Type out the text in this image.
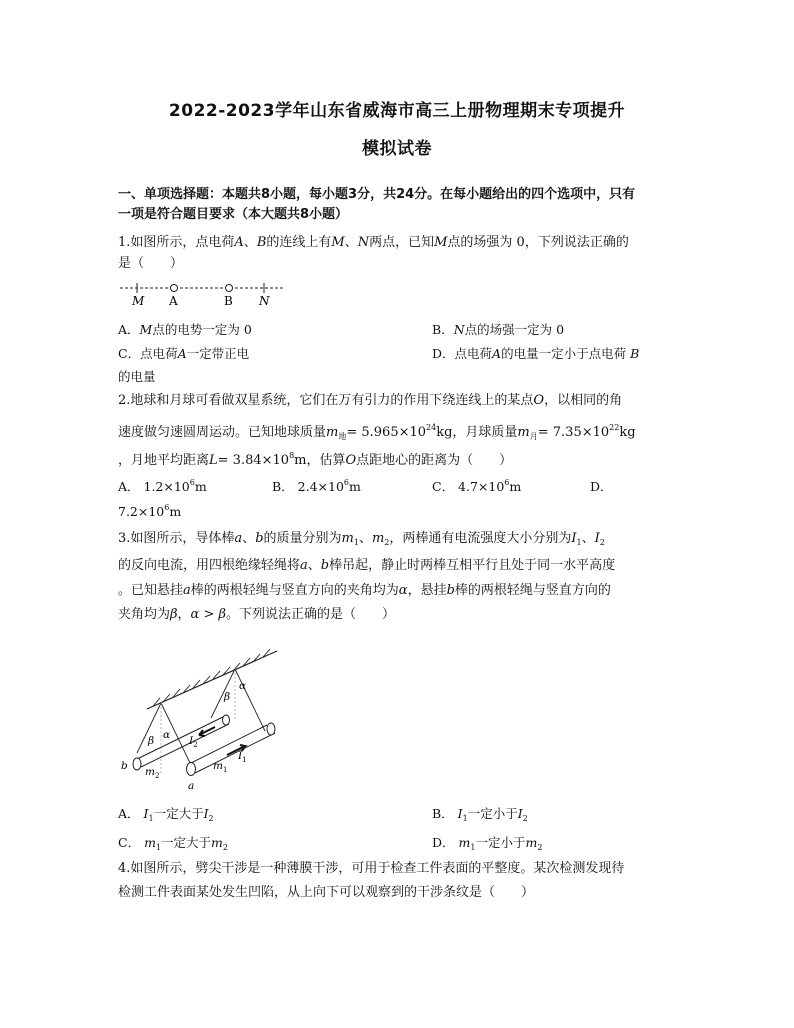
2022-2023学年山东省威海市高三上册物理期末专项提升
模拟试卷
一、单项选择题：本题共8小题，每小题3分，共24分。在每小题给出的四个选项中，只有
一项是符合题目要求（本大题共8小题）
1.如图所示，点电荷A、B的连线上有M、N两点，已知M点的场强为 0，下列说法正确的
是（　　）
M A	B N
A．M点的电势一定为 0	B．N点的场强一定为 0
C．点电荷A一定带正电	D．点电荷A的电量一定小于点电荷 B
的电量
2.地球和月球可看做双星系统，它们在万有引力的作用下绕连线上的某点O，以相同的角
速度做匀速圆周运动。已知地球质量$m_地= 5.965\times 10^{24}kg$，月球质量$m_月= 7.35\times 10^{22}kg$
，月地平均距离$L= 3.84\times 10^8m$，估算O点距地心的距离为（　　）
A． $1.2\times 10^6m$	B． $2.4\times 10^6m$	C． $4.7\times 10^6m$	D．
$7.2\times 10^6m$
3.如图所示，导体棒a、b的质量分别为$m_1$、$m_2$，两棒通有电流强度大小分别为$I_1$、$I_2$
的反向电流，用四根绝缘轻绳将a、b棒吊起，静止时两棒互相平行且处于同一水平高度
。已知悬挂a棒的两根轻绳与竖直方向的夹角均为α，悬挂b棒的两根轻绳与竖直方向的
夹角均为β，α > β。下列说法正确的是（　　）
α
β
β α $I_2$
$I_1$
b $m_2$
$m_1$
a
A． $I_1$一定大于$I_2$	B． $I_1$一定小于$I_2$
C． $m_1$一定大于$m_2$	D． $m_1$一定小于$m_2$
4.如图所示，劈尖干涉是一种薄膜干涉，可用于检查工件表面的平整度。某次检测发现待
检测工件表面某处发生凹陷，从上向下可以观察到的干涉条纹是（　　）
